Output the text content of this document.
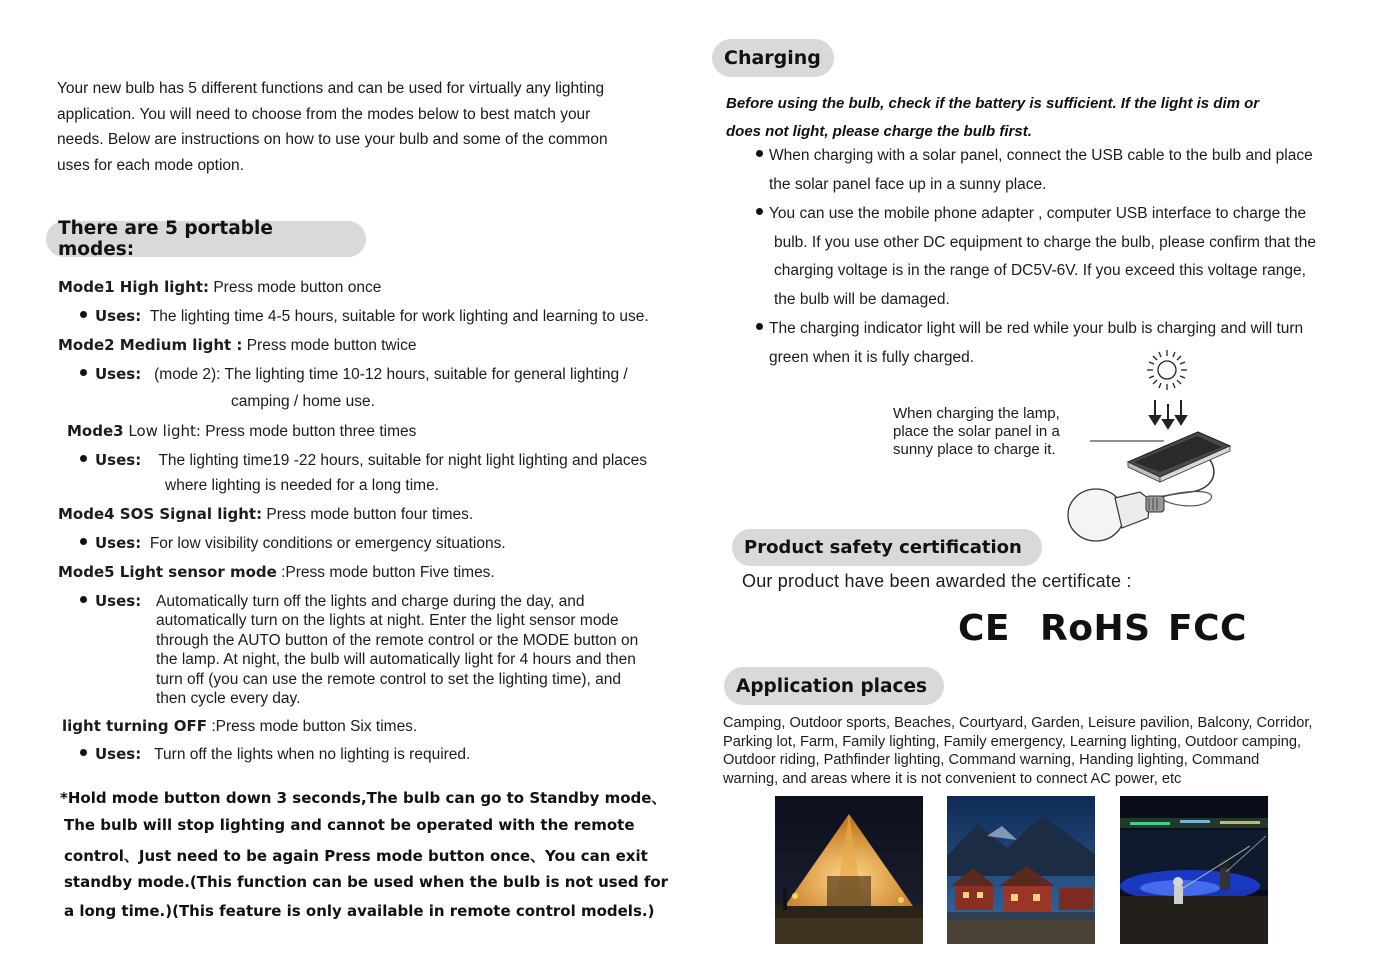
Your new bulb has 5 different functions and can be used for virtually any lighting
application. You will need to choose from the modes below to best match your
needs. Below are instructions on how to use your bulb and some of the common
uses for each mode option.
There are 5 portable modes:
Mode1 High light: Press mode button once
Uses: The lighting time 4-5 hours, suitable for work lighting and learning to use.
Mode2 Medium light : Press mode button twice
Uses: (mode 2): The lighting time 10-12 hours, suitable for general lighting /
camping / home use.
Mode3 Low light: Press mode button three times
Uses: The lighting time19 -22 hours, suitable for night light lighting and places
where lighting is needed for a long time.
Mode4 SOS Signal light: Press mode button four times.
Uses: For low visibility conditions or emergency situations.
Mode5 Light sensor mode :Press mode button Five times.
Uses: Automatically turn off the lights and charge during the day, and
automatically turn on the lights at night. Enter the light sensor mode
through the AUTO button of the remote control or the MODE button on
the lamp. At night, the bulb will automatically light for 4 hours and then
turn off (you can use the remote control to set the lighting time), and
then cycle every day.
light turning OFF :Press mode button Six times.
Uses: Turn off the lights when no lighting is required.
*Hold mode button down 3 seconds,The bulb can go to Standby mode、
The bulb will stop lighting and cannot be operated with the remote
control、Just need to be again Press mode button once、You can exit
standby mode.(This function can be used when the bulb is not used for
a long time.)(This feature is only available in remote control models.)
Charging
Before using the bulb, check if the battery is sufficient. If the light is dim or
does not light, please charge the bulb first.
When charging with a solar panel, connect the USB cable to the bulb and place
the solar panel face up in a sunny place.
You can use the mobile phone adapter , computer USB interface to charge the
bulb. If you use other DC equipment to charge the bulb, please confirm that the
charging voltage is in the range of DC5V-6V. If you exceed this voltage range,
the bulb will be damaged.
The charging indicator light will be red while your bulb is charging and will turn
green when it is fully charged.
When charging the lamp,
place the solar panel in a
sunny place to charge it.
Product safety certification
Our product have been awarded the certificate :
CE RoHS FCC
Application places
Camping, Outdoor sports, Beaches, Courtyard, Garden, Leisure pavilion, Balcony, Corridor,
Parking lot, Farm, Family lighting, Family emergency, Learning lighting, Outdoor camping,
Outdoor riding, Pathfinder lighting, Command warning, Handing lighting, Command
warning, and areas where it is not convenient to connect AC power, etc
